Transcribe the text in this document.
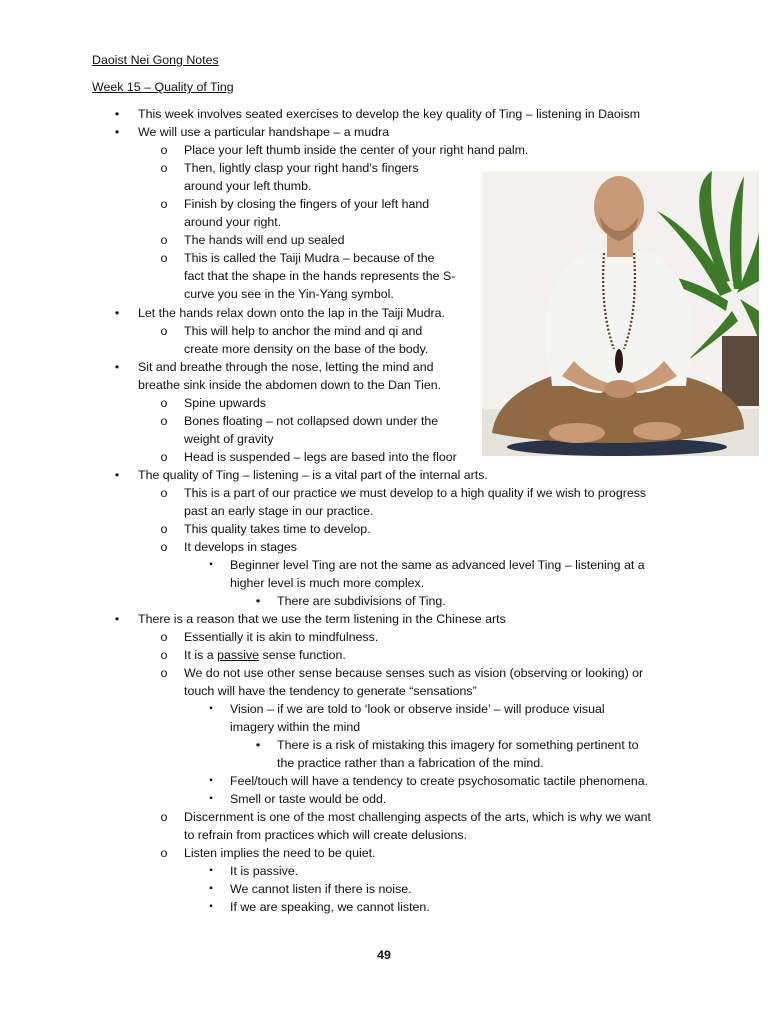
Daoist Nei Gong Notes
Week 15 – Quality of Ting
•	This week involves seated exercises to develop the key quality of Ting – listening in Daoism
•	We will use a particular handshape – a mudra
o Place your left thumb inside the center of your right hand palm.
o Then, lightly clasp your right hand’s fingers
around your left thumb.
o Finish by closing the fingers of your left hand
around your right.
o The hands will end up sealed
o This is called the Taiji Mudra – because of the
fact that the shape in the hands represents the S-
curve you see in the Yin-Yang symbol.
•	Let the hands relax down onto the lap in the Taiji Mudra.
o This will help to anchor the mind and qi and
create more density on the base of the body.
•	Sit and breathe through the nose, letting the mind and
breathe sink inside the abdomen down to the Dan Tien.
o Spine upwards
o Bones floating – not collapsed down under the
weight of gravity
o Head is suspended – legs are based into the floor
•	The quality of Ting – listening – is a vital part of the internal arts.
o This is a part of our practice we must develop to a high quality if we wish to progress
past an early stage in our practice.
o This quality takes time to develop.
o It develops in stages
▪	Beginner level Ting are not the same as advanced level Ting – listening at a
higher level is much more complex.
•	There are subdivisions of Ting.
•	There is a reason that we use the term listening in the Chinese arts
o Essentially it is akin to mindfulness.
o It is a passive sense function.
o We do not use other sense because senses such as vision (observing or looking) or
touch will have the tendency to generate “sensations”
▪	Vision – if we are told to ‘look or observe inside’ – will produce visual
imagery within the mind
•	There is a risk of mistaking this imagery for something pertinent to
the practice rather than a fabrication of the mind.
▪	Feel/touch will have a tendency to create psychosomatic tactile phenomena.
▪	Smell or taste would be odd.
o Discernment is one of the most challenging aspects of the arts, which is why we want
to refrain from practices which will create delusions.
o Listen implies the need to be quiet.
▪	It is passive.
▪	We cannot listen if there is noise.
▪	If we are speaking, we cannot listen.
49
